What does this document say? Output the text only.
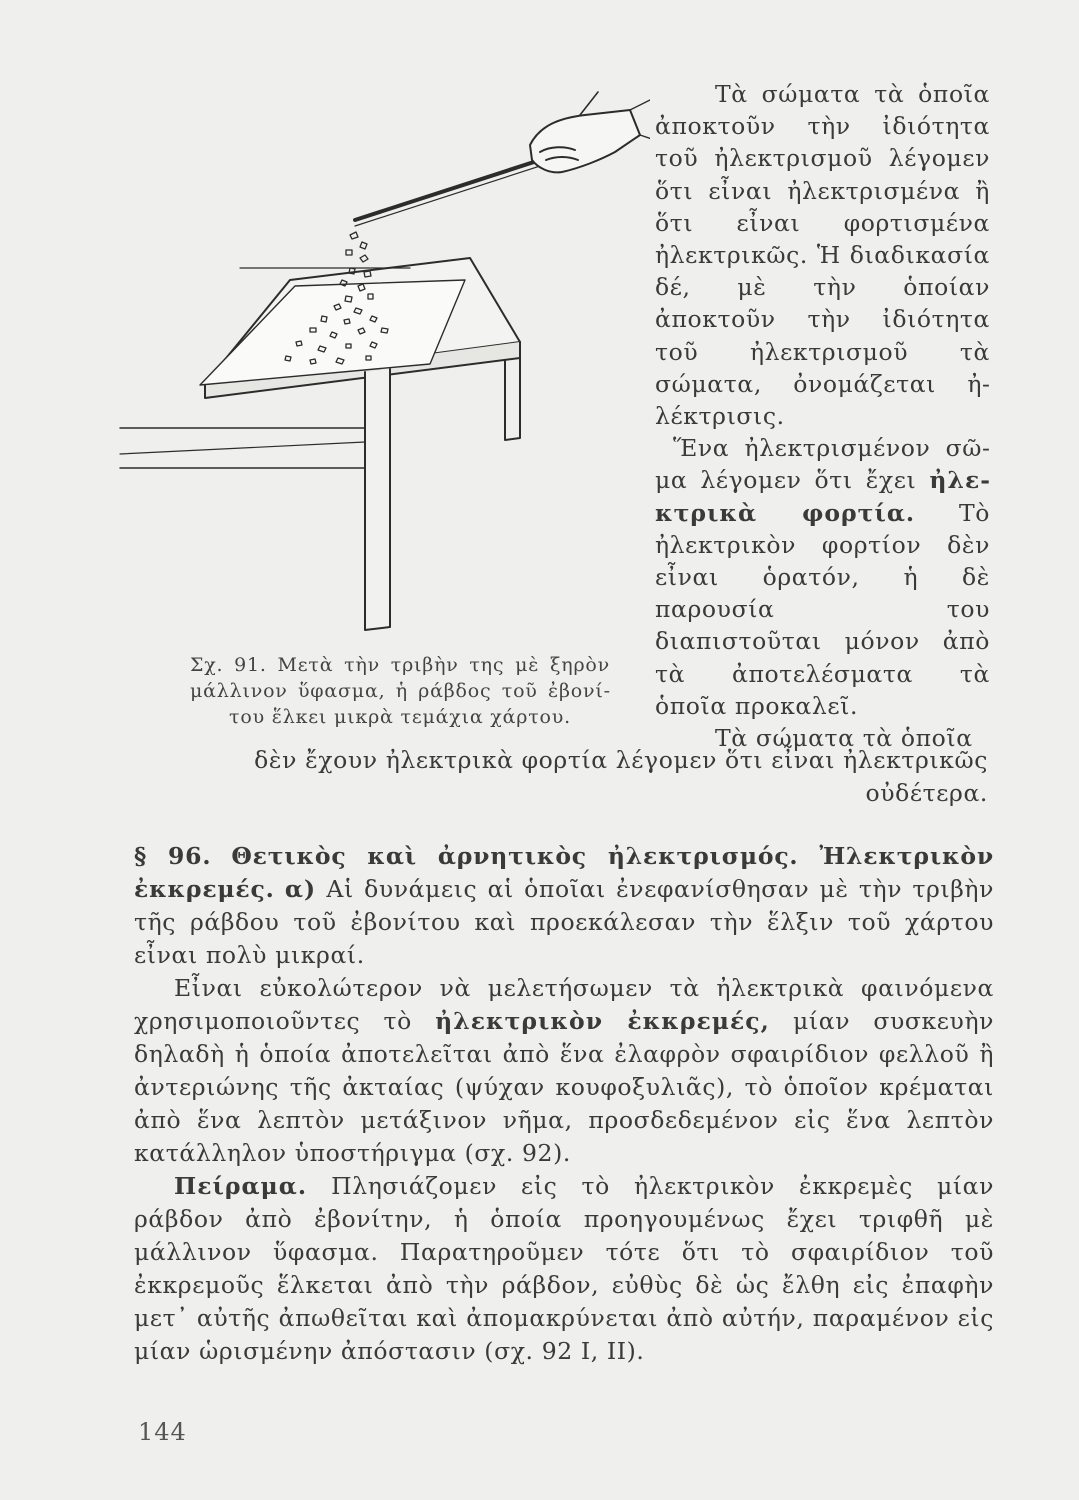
Σχ. 91. Μετὰ τὴν τριβὴν της μὲ ξηρὸν μάλλινον ὕφασμα, ἡ ράβδος τοῦ ἐβονίτου ἕλκει μικρὰ τεμάχια χάρτου.

Τὰ σώματα τὰ ὁποῖα ἀποκτοῦν τὴν ἰδιότητα τοῦ ἠλεκτρισμοῦ λέγομεν ὅτι εἶναι ἠλεκτρισμένα ἢ ὅτι εἶναι φορτισμένα ἠλεκτρικῶς. Ἡ διαδικασία δέ, μὲ τὴν ὁποίαν ἀποκτοῦν τὴν ἰδιότητα τοῦ ἠλεκτρισμοῦ τὰ σώματα, ὀνομάζεται ἠλέκτρισις.

Ἕνα ἠλεκτρισμένον σῶμα λέγομεν ὅτι ἔχει ἠλεκτρικὰ φορτία. Τὸ ἠλεκτρικὸν φορτίον δὲν εἶναι ὁρατόν, ἡ δὲ παρουσία του διαπιστοῦται μόνον ἀπὸ τὰ ἀποτελέσματα τὰ ὁποῖα προκαλεῖ.

Τὰ σώματα τὰ ὁποῖα

δὲν ἔχουν ἠλεκτρικὰ φορτία λέγομεν ὅτι εἶναι ἠλεκτρικῶς οὐδέτερα.

§ 96. Θετικὸς καὶ ἀρνητικὸς ἠλεκτρισμός. Ἠλεκτρικὸν ἐκκρεμές. α) Αἱ δυνάμεις αἱ ὁποῖαι ἐνεφανίσθησαν μὲ τὴν τριβὴν τῆς ράβδου τοῦ ἐβονίτου καὶ προεκάλεσαν τὴν ἕλξιν τοῦ χάρτου εἶναι πολὺ μικραί.

Εἶναι εὐκολώτερον νὰ μελετήσωμεν τὰ ἠλεκτρικὰ φαινόμενα χρησιμοποιοῦντες τὸ ἠλεκτρικὸν ἐκκρεμές, μίαν συσκευὴν δηλαδὴ ἡ ὁποία ἀποτελεῖται ἀπὸ ἕνα ἐλαφρὸν σφαιρίδιον φελλοῦ ἢ ἀντεριώνης τῆς ἀκταίας (ψύχαν κουφοξυλιᾶς), τὸ ὁποῖον κρέμαται ἀπὸ ἕνα λεπτὸν μετάξινον νῆμα, προσδεδεμένον εἰς ἕνα λεπτὸν κατάλληλον ὑποστήριγμα (σχ. 92).

Πείραμα. Πλησιάζομεν εἰς τὸ ἠλεκτρικὸν ἐκκρεμὲς μίαν ράβδον ἀπὸ ἐβονίτην, ἡ ὁποία προηγουμένως ἔχει τριφθῆ μὲ μάλλινον ὕφασμα. Παρατηροῦμεν τότε ὅτι τὸ σφαιρίδιον τοῦ ἐκκρεμοῦς ἕλκεται ἀπὸ τὴν ράβδον, εὐθὺς δὲ ὡς ἔλθη εἰς ἐπαφὴν μετ᾽ αὐτῆς ἀπωθεῖται καὶ ἀπομακρύνεται ἀπὸ αὐτήν, παραμένον εἰς μίαν ὡρισμένην ἀπόστασιν (σχ. 92 Ι, ΙΙ).

144
